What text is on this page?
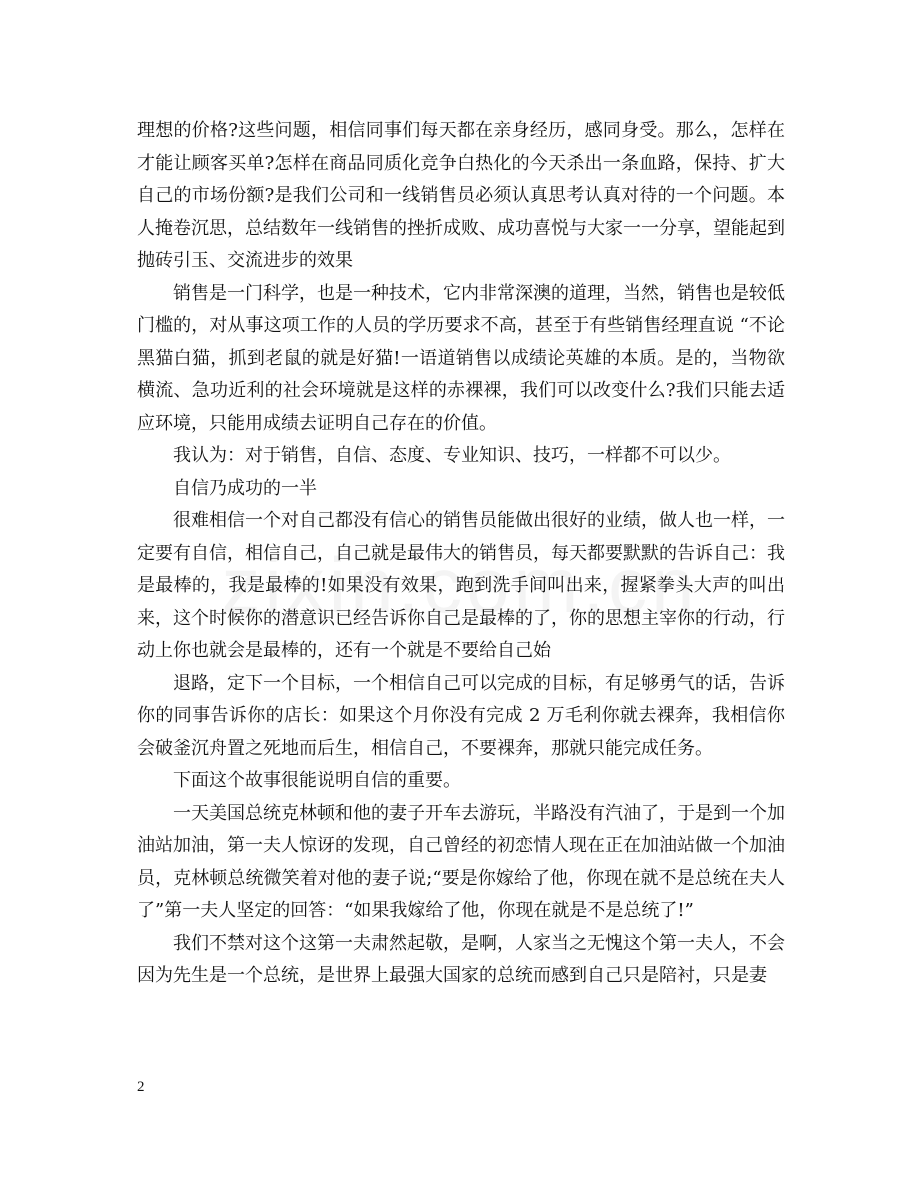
理想的价格?这些问题，相信同事们每天都在亲身经历，感同身受。那么，怎样在才能让顾客买单?怎样在商品同质化竞争白热化的今天杀出一条血路，保持、扩大自己的市场份额?是我们公司和一线销售员必须认真思考认真对待的一个问题。本人掩卷沉思，总结数年一线销售的挫折成败、成功喜悦与大家一一分享，望能起到抛砖引玉、交流进步的效果

销售是一门科学，也是一种技术，它内非常深澳的道理，当然，销售也是较低门槛的，对从事这项工作的人员的学历要求不高，甚至于有些销售经理直说 “不论黑猫白猫，抓到老鼠的就是好猫!一语道销售以成绩论英雄的本质。是的，当物欲横流、急功近利的社会环境就是这样的赤裸裸，我们可以改变什么?我们只能去适应环境，只能用成绩去证明自己存在的价值。

我认为：对于销售，自信、态度、专业知识、技巧，一样都不可以少。

自信乃成功的一半

很难相信一个对自己都没有信心的销售员能做出很好的业绩，做人也一样，一定要有自信，相信自己，自己就是最伟大的销售员，每天都要默默的告诉自己：我是最棒的，我是最棒的!如果没有效果，跑到洗手间叫出来，握紧拳头大声的叫出来，这个时候你的潜意识已经告诉你自己是最棒的了，你的思想主宰你的行动，行动上你也就会是最棒的，还有一个就是不要给自己始

退路，定下一个目标，一个相信自己可以完成的目标，有足够勇气的话，告诉你的同事告诉你的店长：如果这个月你没有完成 2 万毛利你就去裸奔，我相信你会破釜沉舟置之死地而后生，相信自己，不要裸奔，那就只能完成任务。

下面这个故事很能说明自信的重要。

一天美国总统克林顿和他的妻子开车去游玩，半路没有汽油了，于是到一个加油站加油，第一夫人惊讶的发现，自己曾经的初恋情人现在正在加油站做一个加油员，克林顿总统微笑着对他的妻子说;“要是你嫁给了他，你现在就不是总统在夫人了”第一夫人坚定的回答：“如果我嫁给了他，你现在就是不是总统了!”

我们不禁对这个这第一夫肃然起敬，是啊，人家当之无愧这个第一夫人，不会因为先生是一个总统，是世界上最强大国家的总统而感到自己只是陪衬，只是妻

2
